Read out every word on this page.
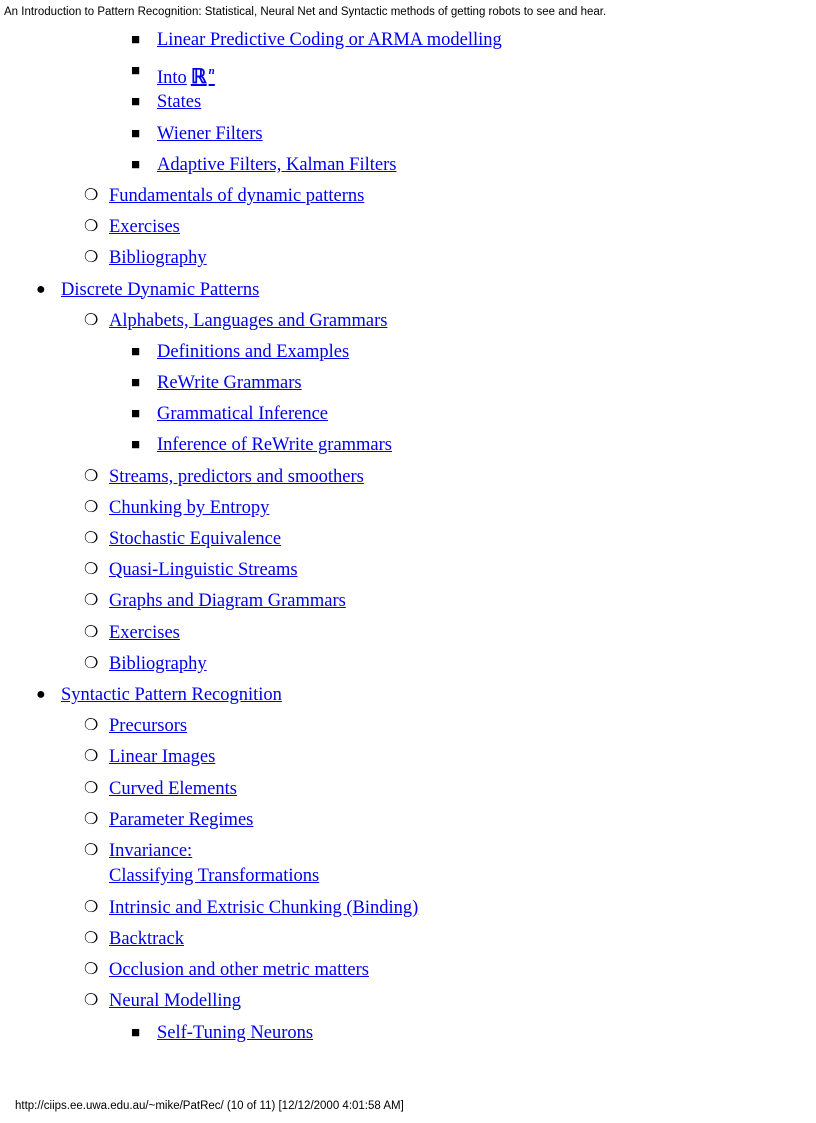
An Introduction to Pattern Recognition: Statistical, Neural Net and Syntactic methods of getting robots to see and hear.
■ Linear Predictive Coding or ARMA modelling
■ Into ℝ $^n$
■ States
■ Wiener Filters
■ Adaptive Filters, Kalman Filters
❍ Fundamentals of dynamic patterns
❍ Exercises
❍ Bibliography
● Discrete Dynamic Patterns
❍ Alphabets, Languages and Grammars
■ Definitions and Examples
■ ReWrite Grammars
■ Grammatical Inference
■ Inference of ReWrite grammars
❍ Streams, predictors and smoothers
❍ Chunking by Entropy
❍ Stochastic Equivalence
❍ Quasi-Linguistic Streams
❍ Graphs and Diagram Grammars
❍ Exercises
❍ Bibliography
● Syntactic Pattern Recognition
❍ Precursors
❍ Linear Images
❍ Curved Elements
❍ Parameter Regimes
❍ Invariance:
Classifying Transformations
❍ Intrinsic and Extrisic Chunking (Binding)
❍ Backtrack
❍ Occlusion and other metric matters
❍ Neural Modelling
■ Self-Tuning Neurons
http://ciips.ee.uwa.edu.au/~mike/PatRec/ (10 of 11) [12/12/2000 4:01:58 AM]
